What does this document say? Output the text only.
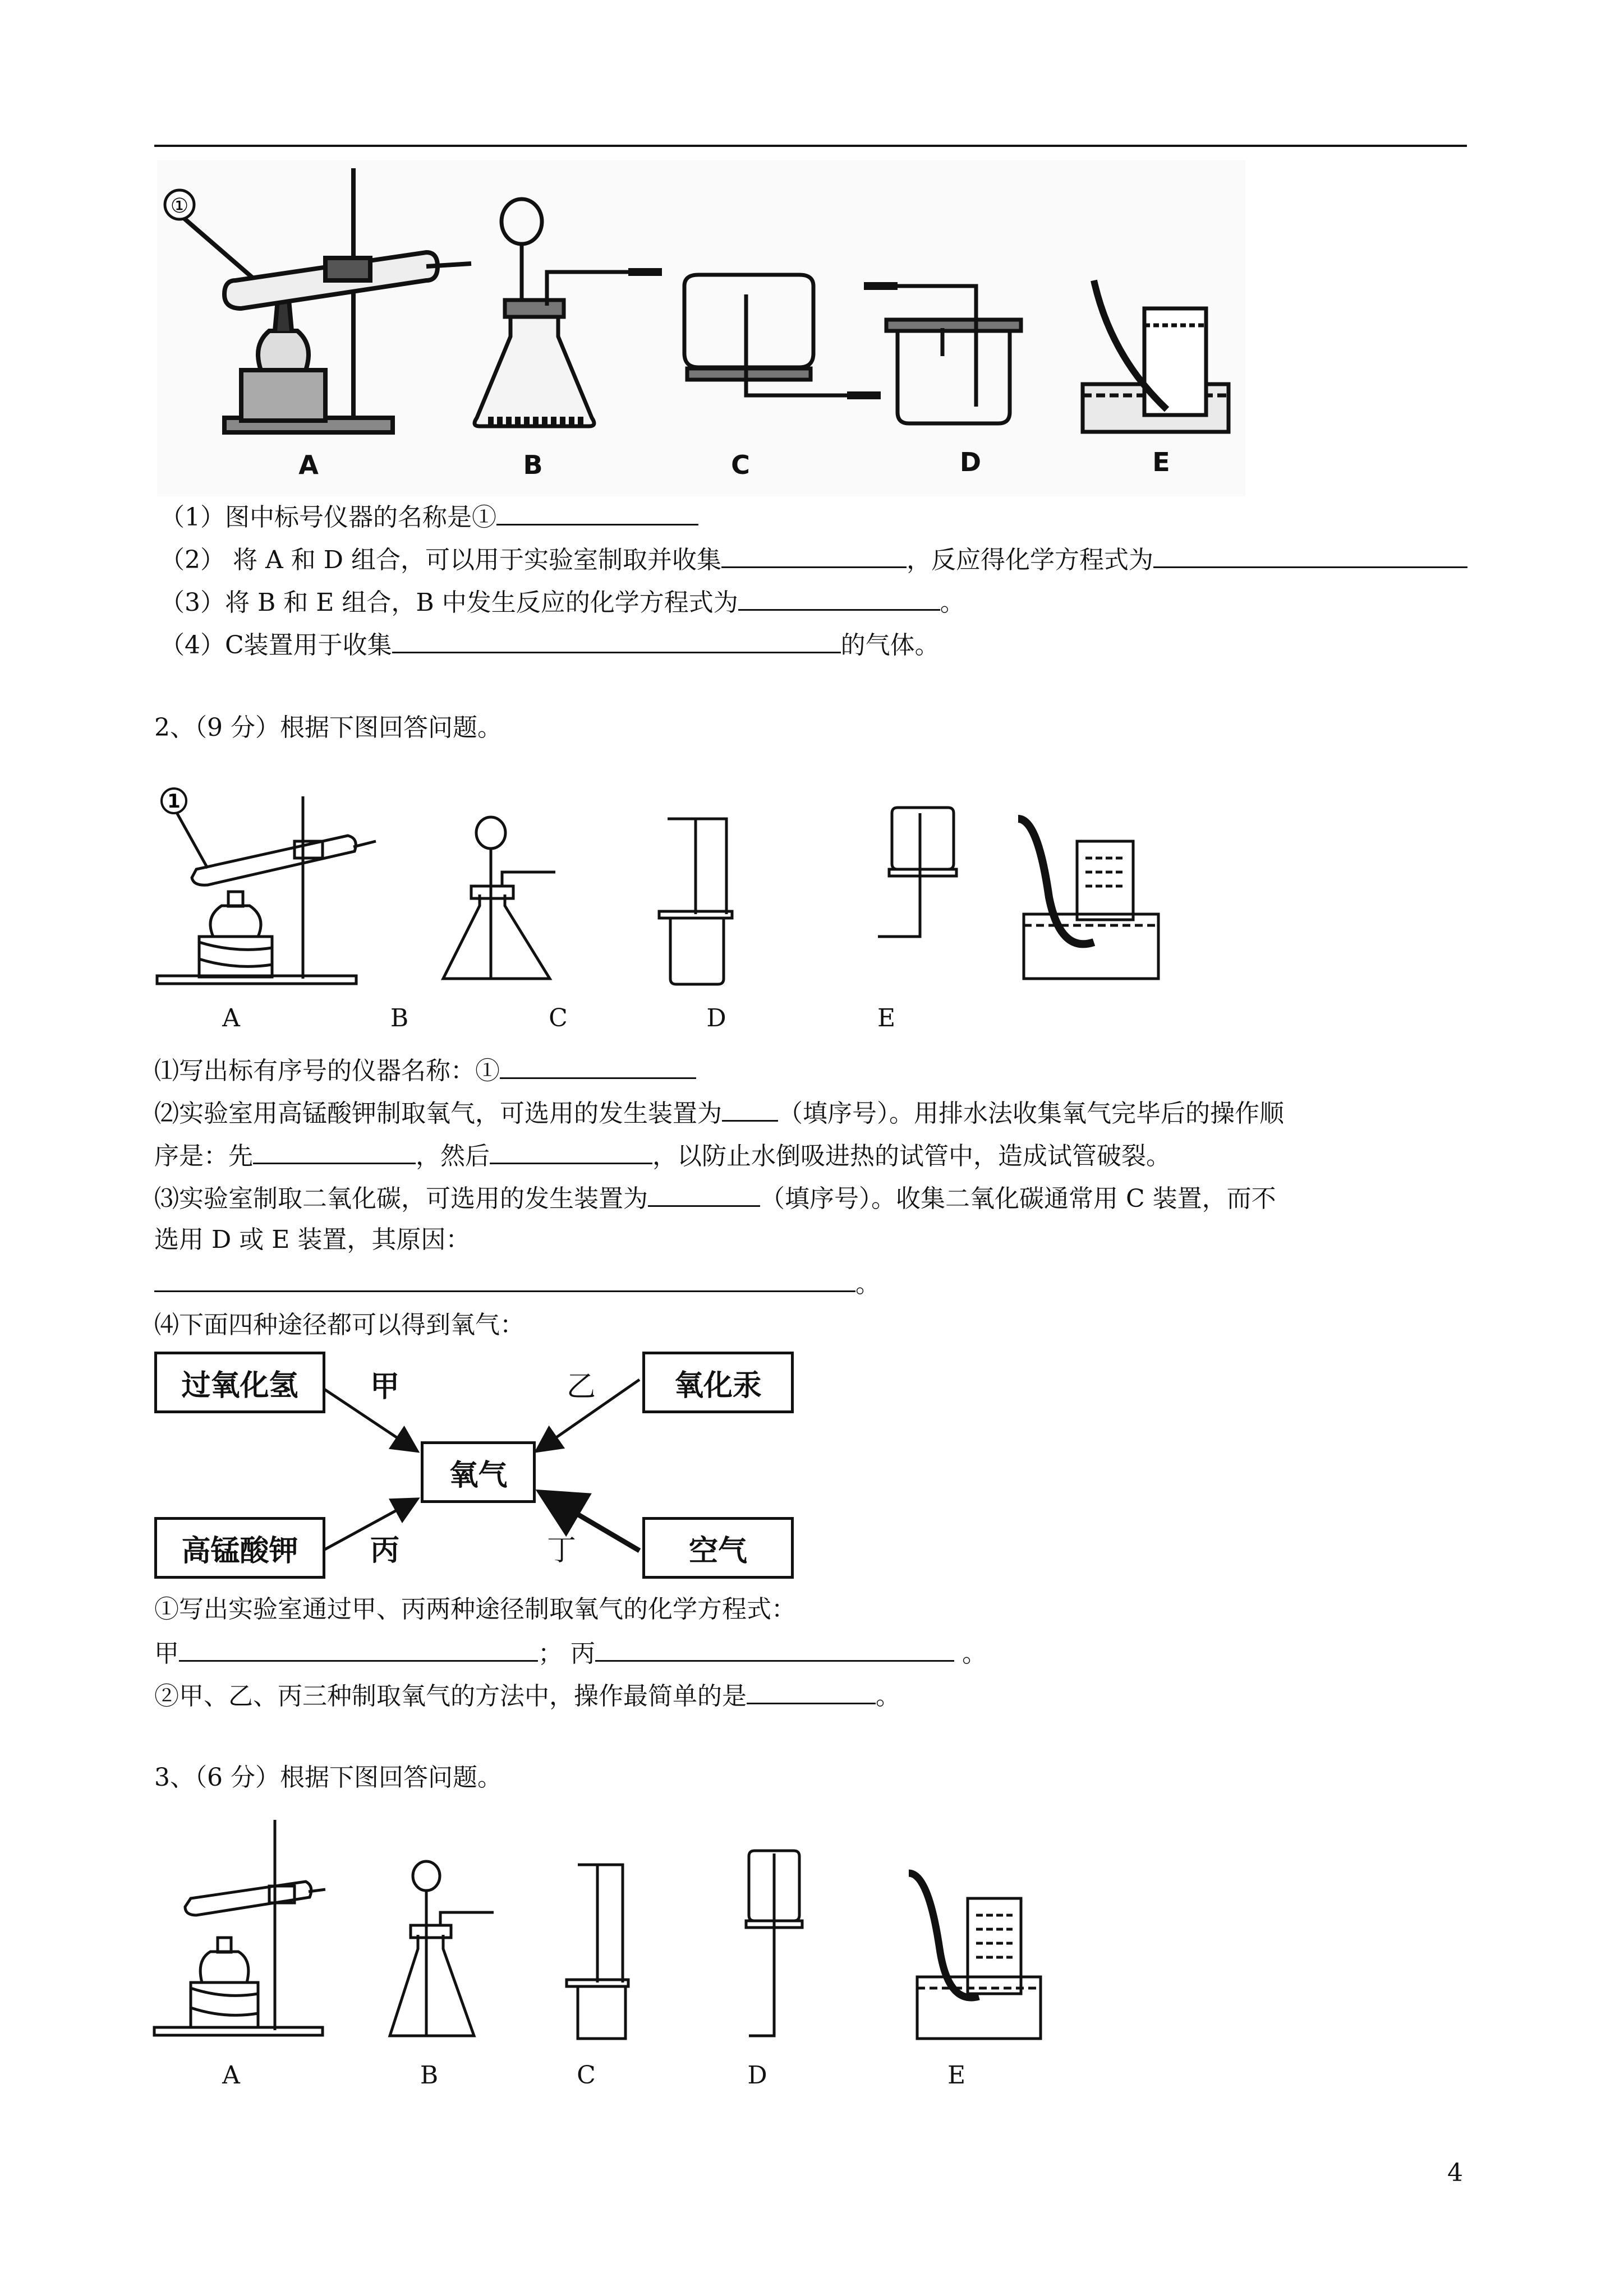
①
A	B	C	D	E
（1）图中标号仪器的名称是①
（2） 将 A 和 D 组合，可以用于实验室制取并收集	，反应得化学方程式为
（3）将 B 和 E 组合，B 中发生反应的化学方程式为	。
（4）C装置用于收集	的气体。
2、（9 分）根据下图回答问题。
1
A	B	C	D	E
⑴写出标有序号的仪器名称：①
⑵实验室用高锰酸钾制取氧气，可选用的发生装置为 （填序号）。用排水法收集氧气完毕后的操作顺
序是：先	，然后	，以防止水倒吸进热的试管中，造成试管破裂。
⑶实验室制取二氧化碳，可选用的发生装置为	（填序号）。收集二氧化碳通常用 C 装置，而不
选用 D 或 E 装置，其原因：
。
⑷下面四种途径都可以得到氧气：
过氧化氢	氧化汞
氧气
高锰酸钾	空气
甲	乙
丙	丁
①写出实验室通过甲、丙两种途径制取氧气的化学方程式：
甲	； 丙	。
②甲、乙、丙三种制取氧气的方法中，操作最简单的是	。
3、（6 分）根据下图回答问题。
A	B	C	D	E
4
